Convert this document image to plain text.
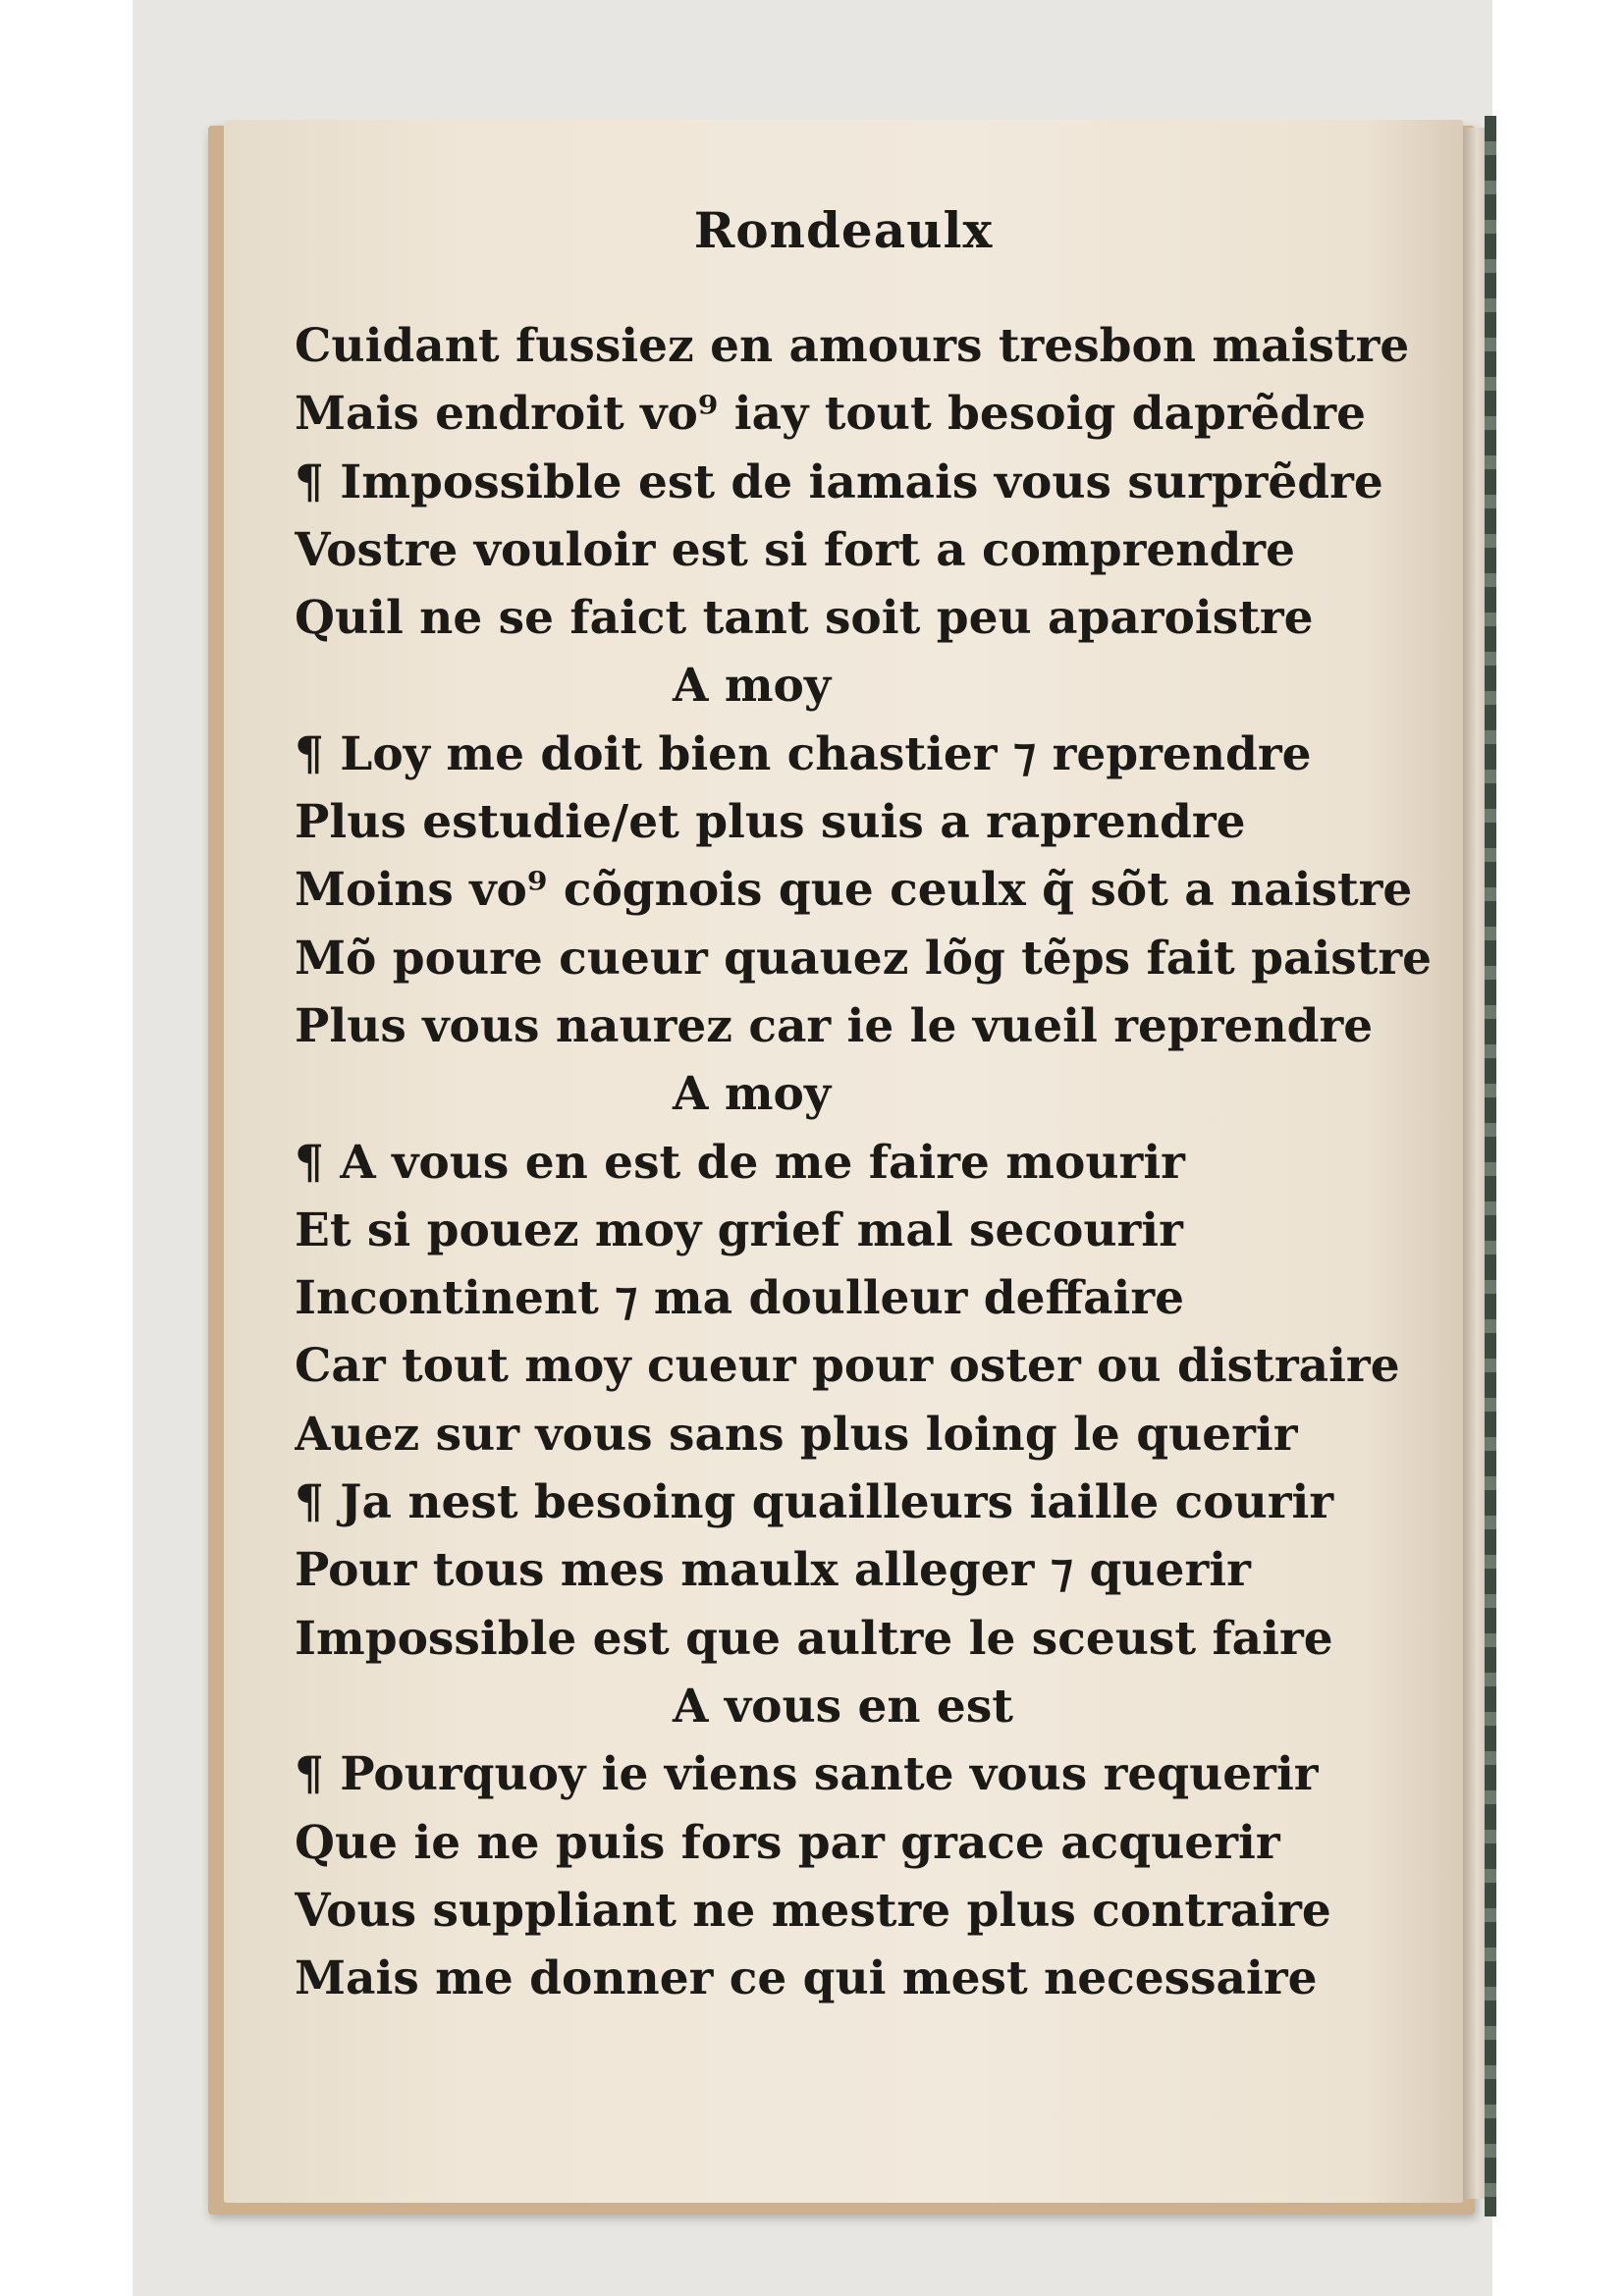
Rondeaulx
Cuidant fussiez en amours tresbon maistre
Mais endroit vo⁹ iay tout besoig daprẽdre
¶ Impossible est de iamais vous surprẽdre
Vostre vouloir est si fort a comprendre
Quil ne se faict tant soit peu aparoistre
A moy
¶ Loy me doit bien chastier ⁊ reprendre
Plus estudie/et plus suis a raprendre
Moins vo⁹ cõgnois que ceulx q̃ sõt a naistre
Mõ poure cueur quauez lõg tẽps fait paistre
Plus vous naurez car ie le vueil reprendre
A moy
¶ A vous en est de me faire mourir
Et si pouez moy grief mal secourir
Incontinent ⁊ ma doulleur deffaire
Car tout moy cueur pour oster ou distraire
Auez sur vous sans plus loing le querir
¶ Ja nest besoing quailleurs iaille courir
Pour tous mes maulx alleger ⁊ querir
Impossible est que aultre le sceust faire
A vous en est
¶ Pourquoy ie viens sante vous requerir
Que ie ne puis fors par grace acquerir
Vous suppliant ne mestre plus contraire
Mais me donner ce qui mest necessaire
